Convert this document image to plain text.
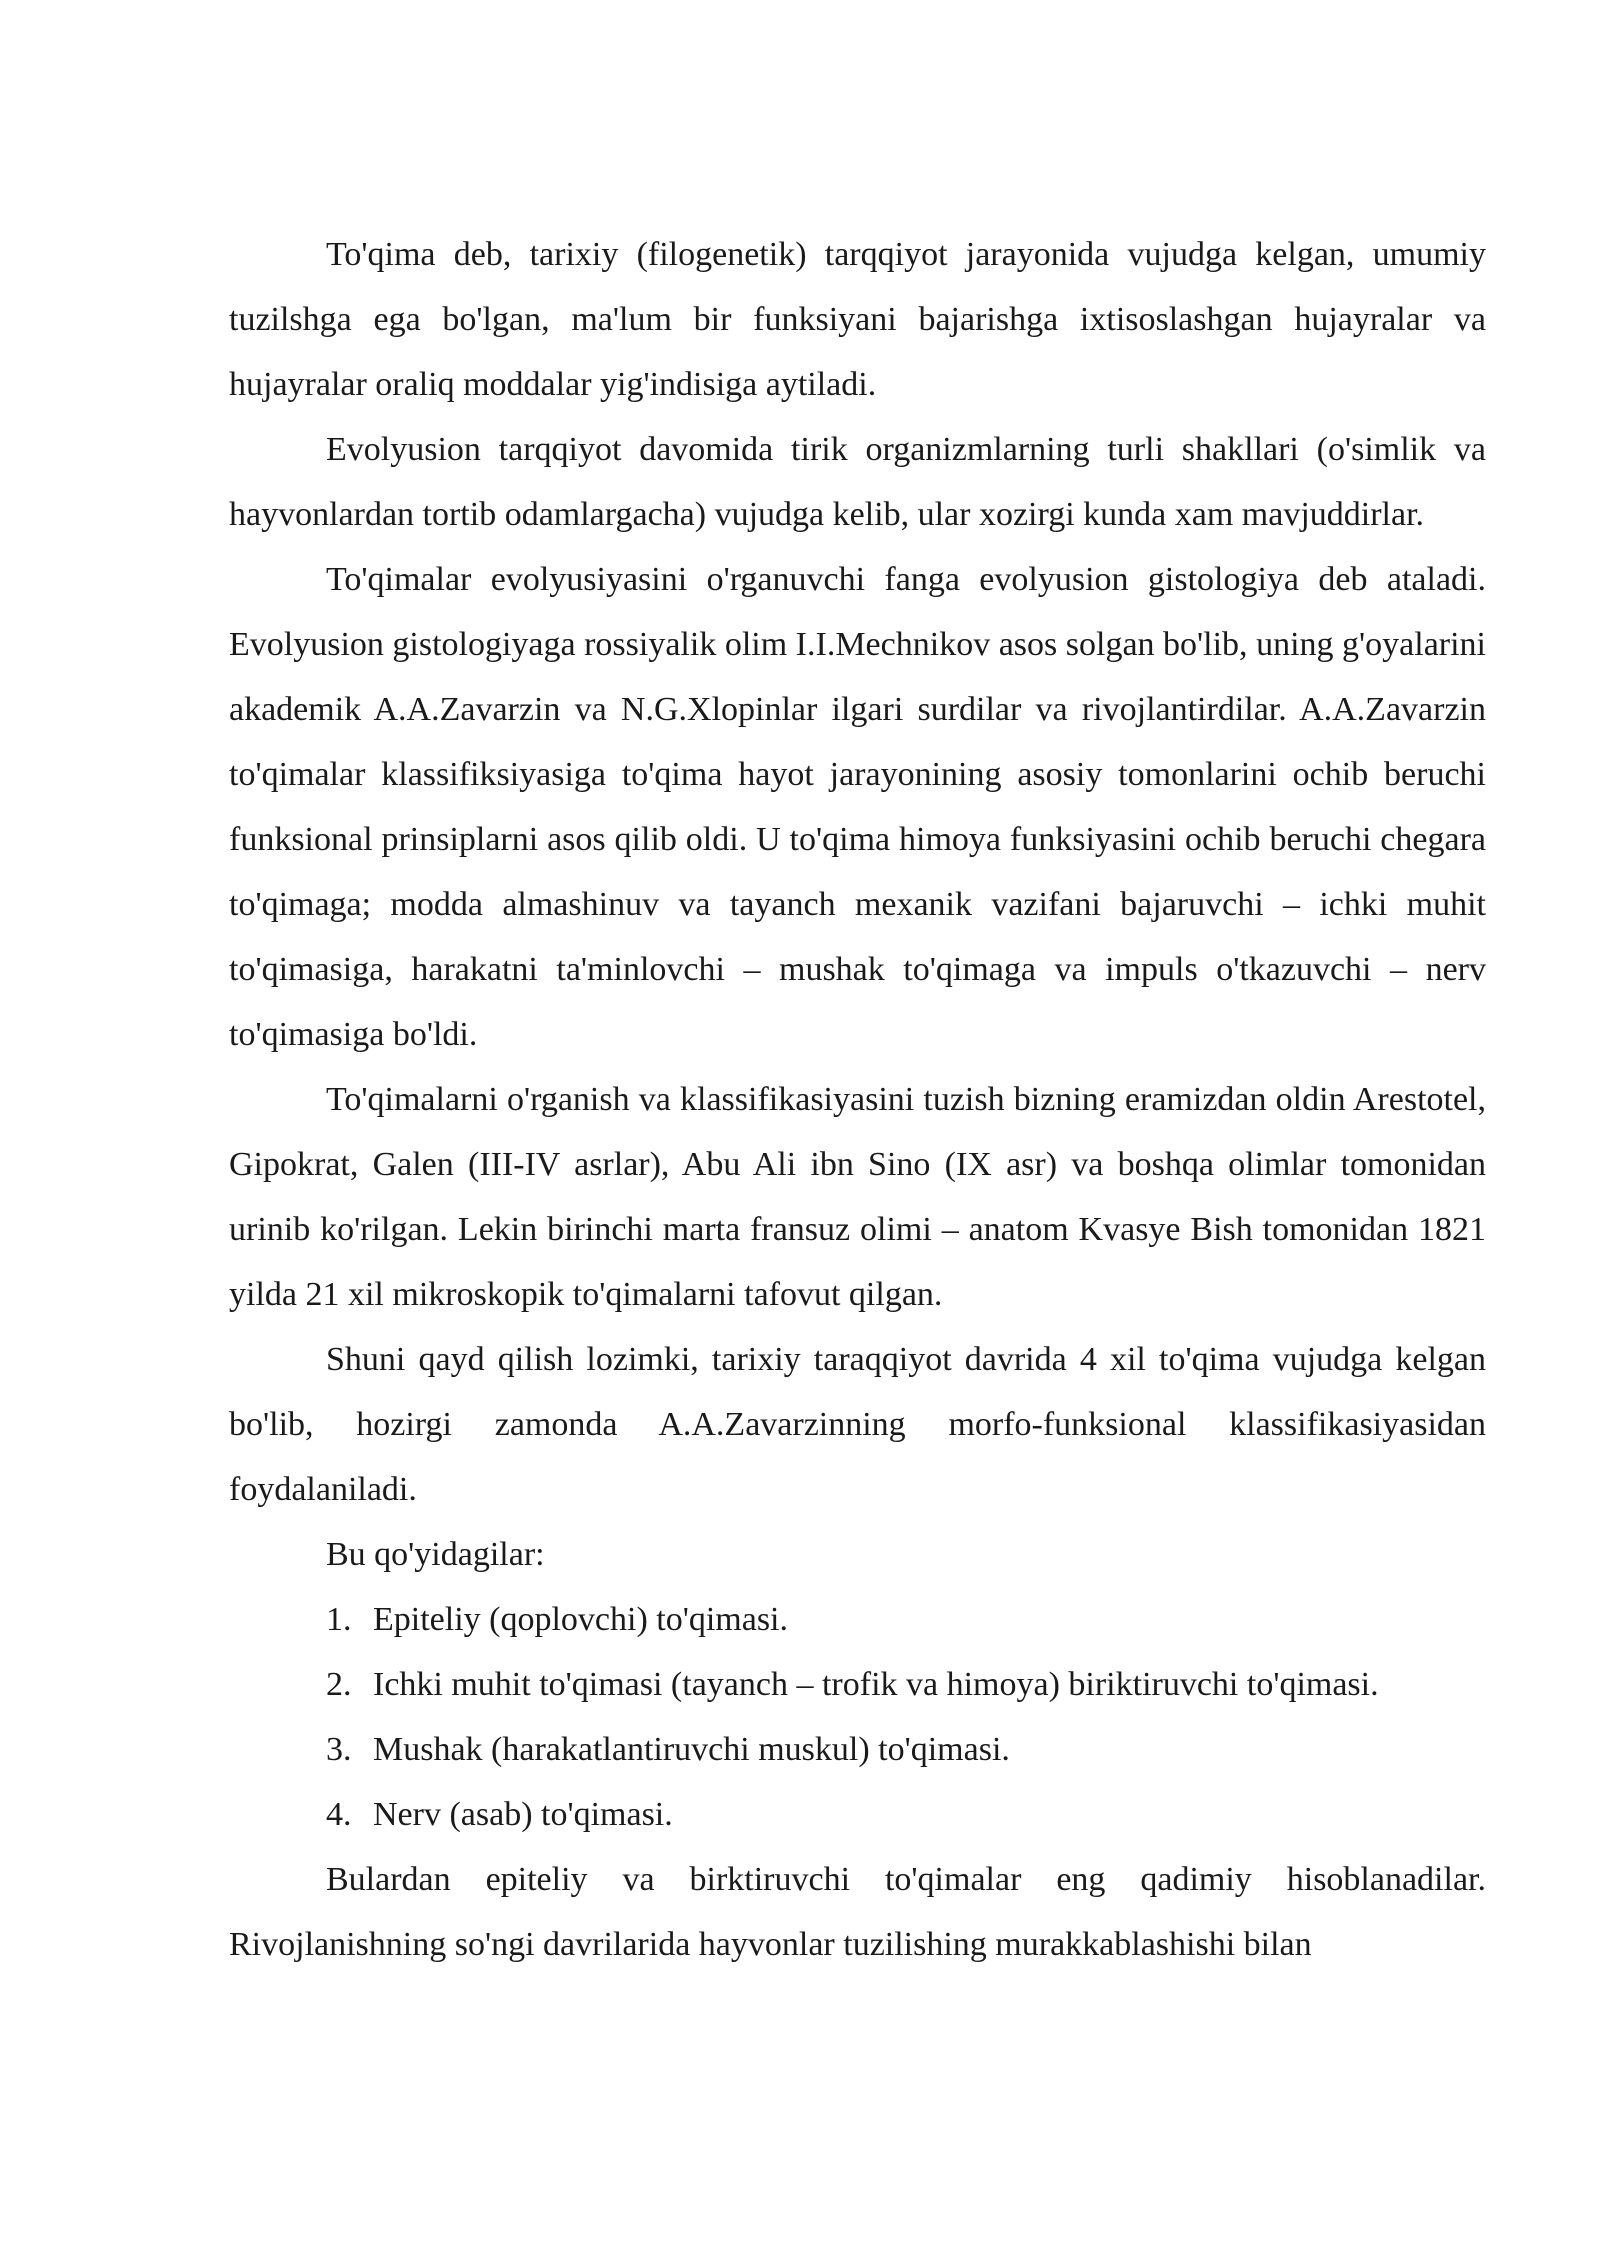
To'qima deb, tarixiy (filogenetik) tarqqiyot jarayonida vujudga kelgan, umumiy tuzilshga ega bo'lgan, ma'lum bir funksiyani bajarishga ixtisoslashgan hujayralar va hujayralar oraliq moddalar yig'indisiga aytiladi.

Evolyusion tarqqiyot davomida tirik organizmlarning turli shakllari (o'simlik va hayvonlardan tortib odamlargacha) vujudga kelib, ular xozirgi kunda xam mavjuddirlar.

To'qimalar evolyusiyasini o'rganuvchi fanga evolyusion gistologiya deb ataladi. Evolyusion gistologiyaga rossiyalik olim I.I.Mechnikov asos solgan bo'lib, uning g'oyalarini akademik A.A.Zavarzin va N.G.Xlopinlar ilgari surdilar va rivojlantirdilar. A.A.Zavarzin to'qimalar klassifiksiyasiga to'qima hayot jarayonining asosiy tomonlarini ochib beruchi funksional prinsiplarni asos qilib oldi. U to'qima himoya funksiyasini ochib beruchi chegara to'qimaga; modda almashinuv va tayanch mexanik vazifani bajaruvchi – ichki muhit to'qimasiga, harakatni ta'minlovchi – mushak to'qimaga va impuls o'tkazuvchi – nerv to'qimasiga bo'ldi.

To'qimalarni o'rganish va klassifikasiyasini tuzish bizning eramizdan oldin Arestotel, Gipokrat, Galen (III-IV asrlar), Abu Ali ibn Sino (IX asr) va boshqa olimlar tomonidan urinib ko'rilgan. Lekin birinchi marta fransuz olimi – anatom Kvasye Bish tomonidan 1821 yilda 21 xil mikroskopik to'qimalarni tafovut qilgan.

Shuni qayd qilish lozimki, tarixiy taraqqiyot davrida 4 xil to'qima vujudga kelgan bo'lib, hozirgi zamonda A.A.Zavarzinning morfo-funksional klassifikasiyasidan foydalaniladi.

Bu qo'yidagilar:

1. Epiteliy (qoplovchi) to'qimasi.
2. Ichki muhit to'qimasi (tayanch – trofik va himoya) biriktiruvchi to'qimasi.
3. Mushak (harakatlantiruvchi muskul) to'qimasi.
4. Nerv (asab) to'qimasi.

Bulardan epiteliy va birktiruvchi to'qimalar eng qadimiy hisoblanadilar. Rivojlanishning so'ngi davrilarida hayvonlar tuzilishing murakkablashishi bilan
